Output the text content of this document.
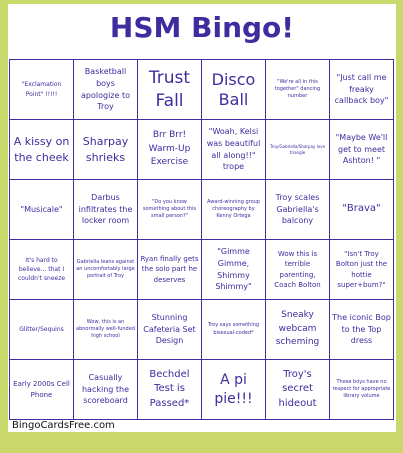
HSM Bingo!
"Exclamation Point" !!!!!
Basketball boys apologize to Troy
Trust Fall
Disco Ball
"We're all in this together" dancing number
"Just call me freaky callback boy"
A kissy on the cheek
Sharpay shrieks
Brr Brr! Warm-Up Exercise
"Woah, Kelsi was beautiful all along!!" trope
Troy/Gabriella/Sharpay love triangle
"Maybe We'll get to meet Ashton! "
"Musicale"
Darbus infiltrates the locker room
"Do you know something about this small person?"
Award-winning group choreography by Kenny Ortega
Troy scales Gabriella's balcony
"Brava"
It's hard to believe... that I couldn't sneeze
Gabriella leans against an uncomfortably large portrait of Troy
Ryan finally gets the solo part he deserves
"Gimme Gimme, Shimmy Shimmy"
Wow this is terrible parenting, Coach Bolton
"Isn't Troy Bolton just the hottie super+bum?"
Glitter/Sequins
Wow, this is an abnormally well-funded high school
Stunning Cafeteria Set Design
Troy says something bisexual-coded*
Sneaky webcam scheming
The iconic Bop to the Top dress
Early 2000s Cell Phone
Casually hacking the scoreboard
Bechdel Test is Passed*
A pi pie!!!
Troy's secret hideout
These boys have no respect for appropriate library volume
BingoCardsFree.com
